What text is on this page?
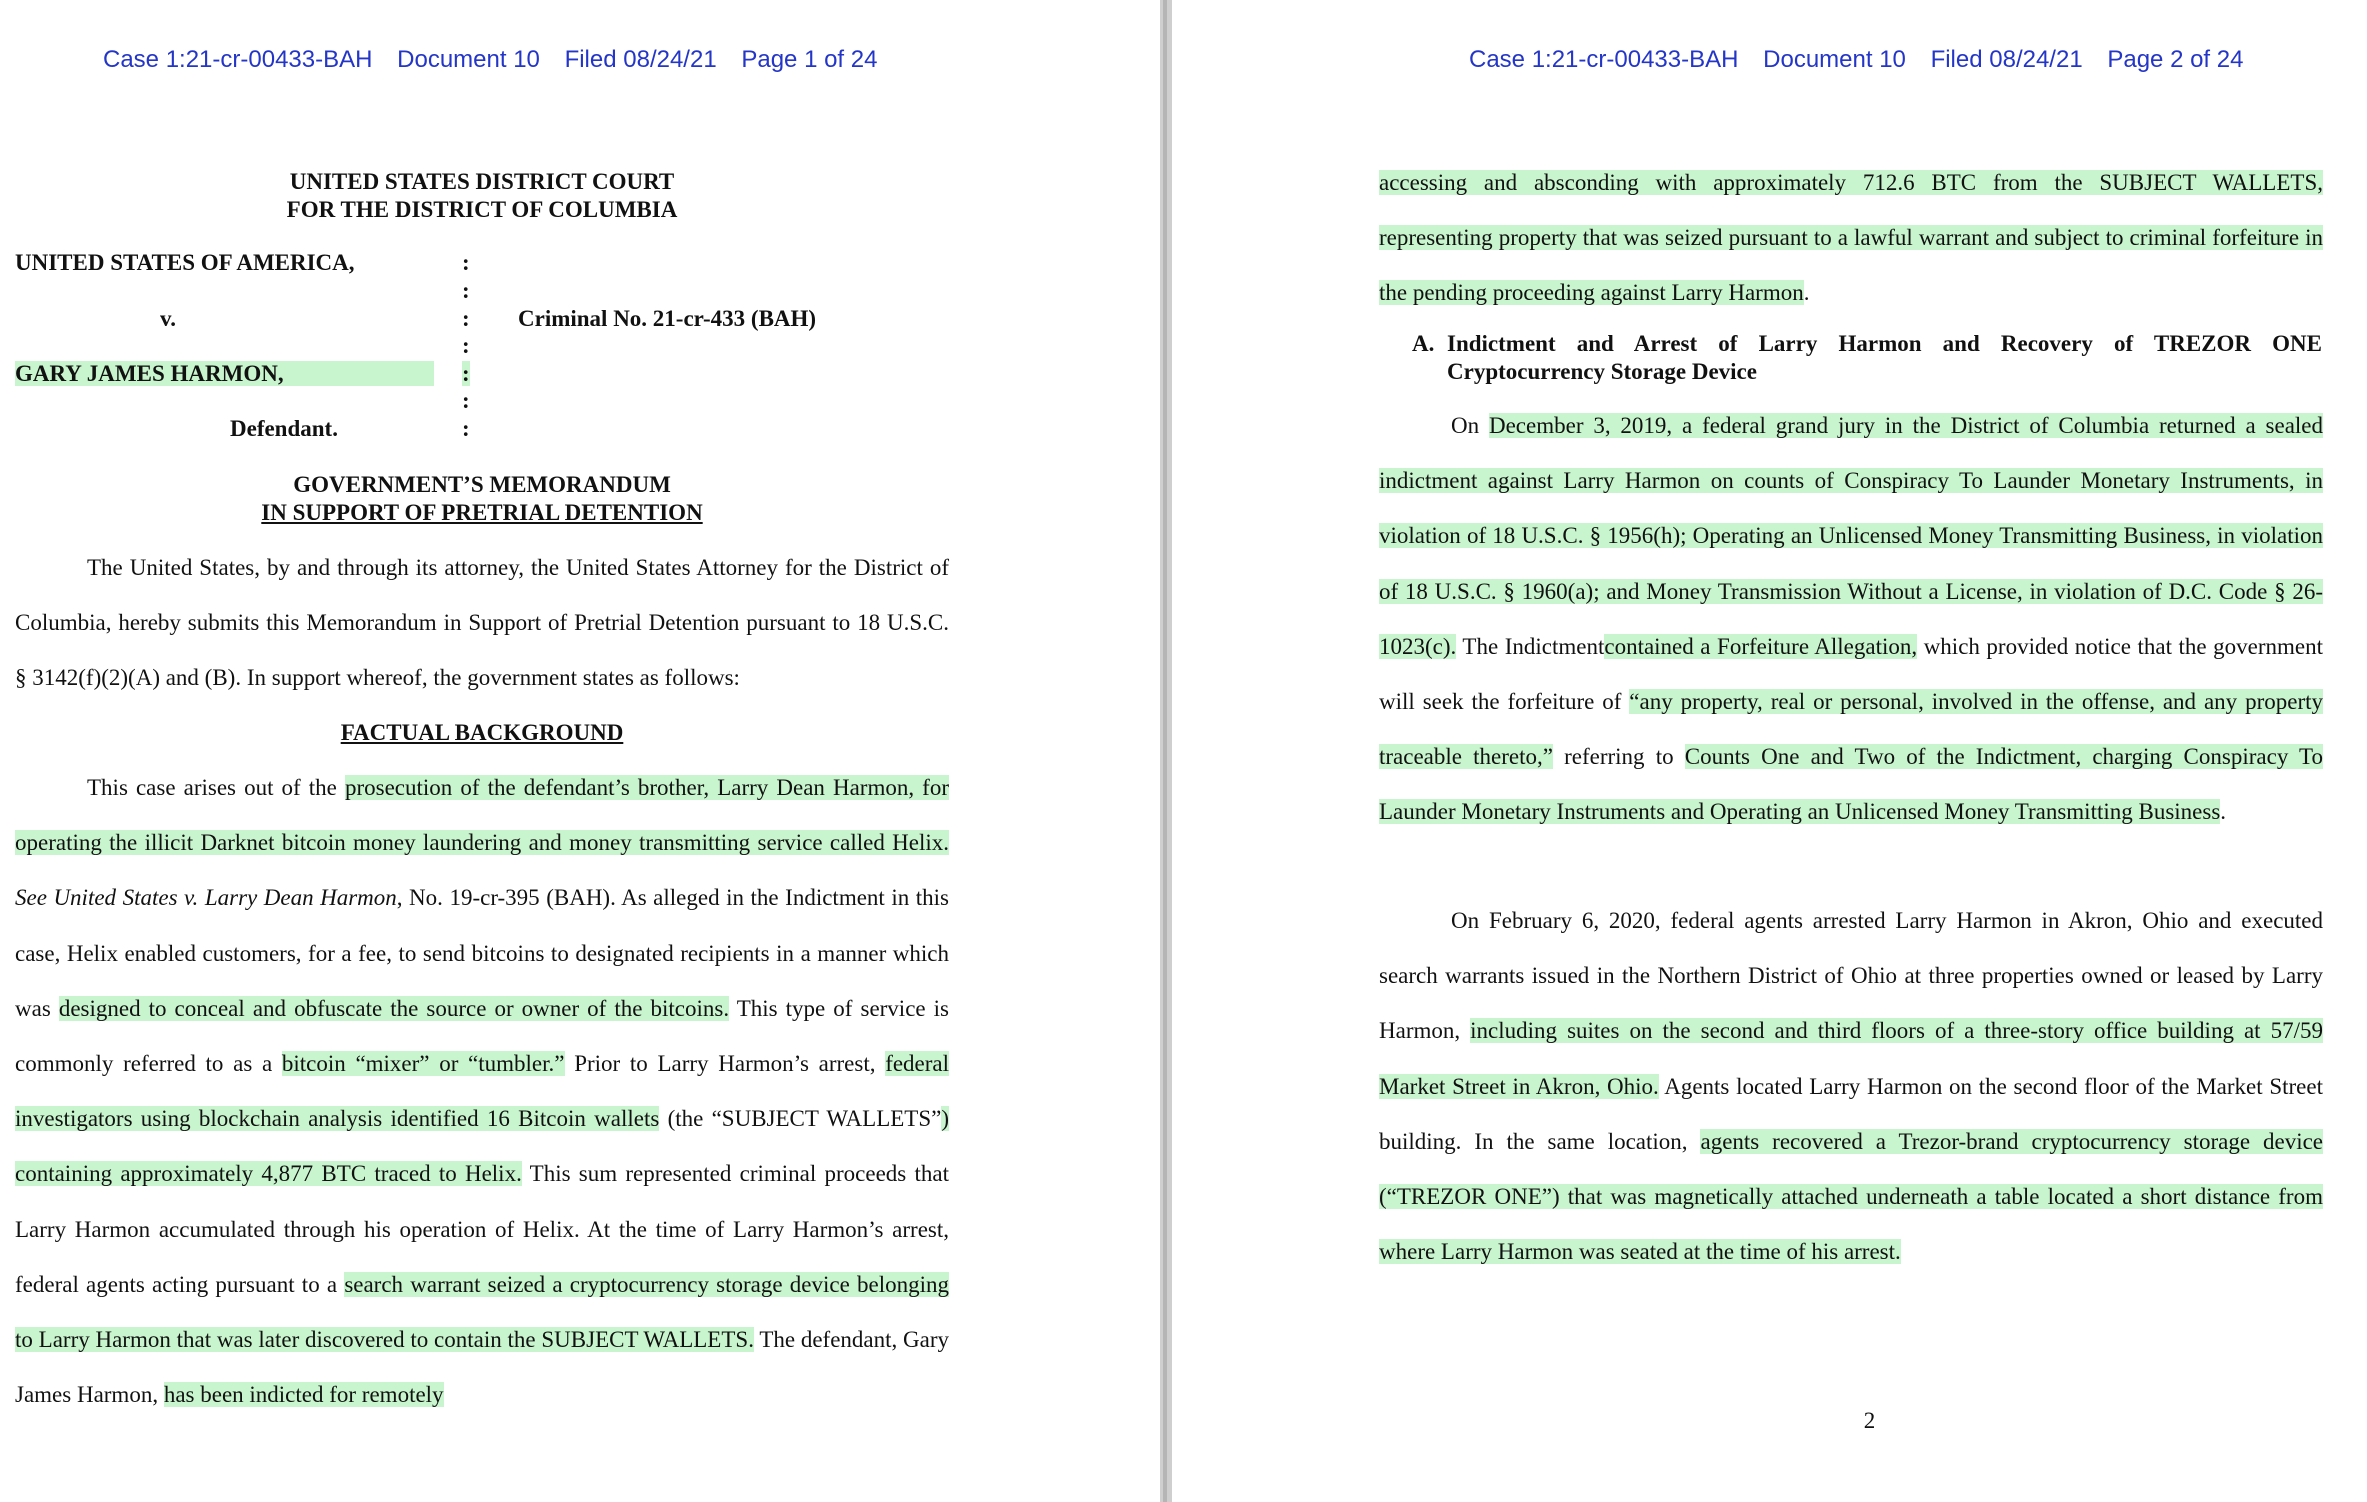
Case 1:21-cr-00433-BAH Document 10 Filed 08/24/21 Page 1 of 24
UNITED STATES DISTRICT COURT
FOR THE DISTRICT OF COLUMBIA
UNITED STATES OF AMERICA,
v.
GARY JAMES HARMON,
Defendant.
:
:
:
:
:
:
:
Criminal No. 21-cr-433 (BAH)
GOVERNMENT’S MEMORANDUM
IN SUPPORT OF PRETRIAL DETENTION
The United States, by and through its attorney, the United States Attorney for the District of Columbia, hereby submits this Memorandum in Support of Pretrial Detention pursuant to 18 U.S.C. § 3142(f)(2)(A) and (B). In support whereof, the government states as follows:
FACTUAL BACKGROUND
This case arises out of the prosecution of the defendant’s brother, Larry Dean Harmon, for operating the illicit Darknet bitcoin money laundering and money transmitting service called Helix. See United States v. Larry Dean Harmon, No. 19-cr-395 (BAH). As alleged in the Indictment in this case, Helix enabled customers, for a fee, to send bitcoins to designated recipients in a manner which was designed to conceal and obfuscate the source or owner of the bitcoins. This type of service is commonly referred to as a bitcoin “mixer” or “tumbler.” Prior to Larry Harmon’s arrest, federal investigators using blockchain analysis identified 16 Bitcoin wallets (the “SUBJECT WALLETS”) containing approximately 4,877 BTC traced to Helix. This sum represented criminal proceeds that Larry Harmon accumulated through his operation of Helix. At the time of Larry Harmon’s arrest, federal agents acting pursuant to a search warrant seized a cryptocurrency storage device belonging to Larry Harmon that was later discovered to contain the SUBJECT WALLETS. The defendant, Gary James Harmon, has been indicted for remotely
Case 1:21-cr-00433-BAH Document 10 Filed 08/24/21 Page 2 of 24
accessing and absconding with approximately 712.6 BTC from the SUBJECT WALLETS, representing property that was seized pursuant to a lawful warrant and subject to criminal forfeiture in the pending proceeding against Larry Harmon.
A. Indictment and Arrest of Larry Harmon and Recovery of TREZOR ONE Cryptocurrency Storage Device
On December 3, 2019, a federal grand jury in the District of Columbia returned a sealed indictment against Larry Harmon on counts of Conspiracy To Launder Monetary Instruments, in violation of 18 U.S.C. § 1956(h); Operating an Unlicensed Money Transmitting Business, in violation of 18 U.S.C. § 1960(a); and Money Transmission Without a License, in violation of D.C. Code § 26-1023(c). The Indictmentcontained a Forfeiture Allegation, which provided notice that the government will seek the forfeiture of “any property, real or personal, involved in the offense, and any property traceable thereto,” referring to Counts One and Two of the Indictment, charging Conspiracy To Launder Monetary Instruments and Operating an Unlicensed Money Transmitting Business.
On February 6, 2020, federal agents arrested Larry Harmon in Akron, Ohio and executed search warrants issued in the Northern District of Ohio at three properties owned or leased by Larry Harmon, including suites on the second and third floors of a three-story office building at 57/59 Market Street in Akron, Ohio. Agents located Larry Harmon on the second floor of the Market Street building. In the same location, agents recovered a Trezor-brand cryptocurrency storage device (“TREZOR ONE”) that was magnetically attached underneath a table located a short distance from where Larry Harmon was seated at the time of his arrest.
2
